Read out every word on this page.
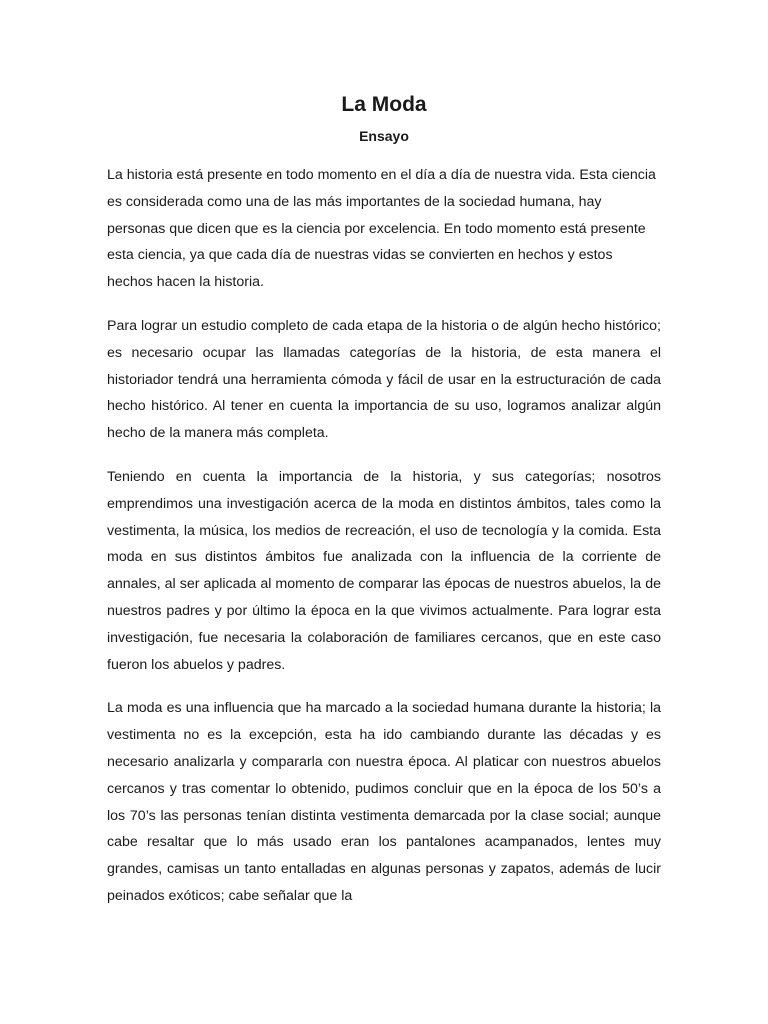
La Moda
Ensayo

La historia está presente en todo momento en el día a día de nuestra vida. Esta ciencia es considerada como una de las más importantes de la sociedad humana, hay personas que dicen que es la ciencia por excelencia. En todo momento está presente esta ciencia, ya que cada día de nuestras vidas se convierten en hechos y estos hechos hacen la historia.

Para lograr un estudio completo de cada etapa de la historia o de algún hecho histórico; es necesario ocupar las llamadas categorías de la historia, de esta manera el historiador tendrá una herramienta cómoda y fácil de usar en la estructuración de cada hecho histórico. Al tener en cuenta la importancia de su uso, logramos analizar algún hecho de la manera más completa.

Teniendo en cuenta la importancia de la historia, y sus categorías; nosotros emprendimos una investigación acerca de la moda en distintos ámbitos, tales como la vestimenta, la música, los medios de recreación, el uso de tecnología y la comida. Esta moda en sus distintos ámbitos fue analizada con la influencia de la corriente de annales, al ser aplicada al momento de comparar las épocas de nuestros abuelos, la de nuestros padres y por último la época en la que vivimos actualmente. Para lograr esta investigación, fue necesaria la colaboración de familiares cercanos, que en este caso fueron los abuelos y padres.

La moda es una influencia que ha marcado a la sociedad humana durante la historia; la vestimenta no es la excepción, esta ha ido cambiando durante las décadas y es necesario analizarla y compararla con nuestra época. Al platicar con nuestros abuelos cercanos y tras comentar lo obtenido, pudimos concluir que en la época de los 50’s a los 70’s las personas tenían distinta vestimenta demarcada por la clase social; aunque cabe resaltar que lo más usado eran los pantalones acampanados, lentes muy grandes, camisas un tanto entalladas en algunas personas y zapatos, además de lucir peinados exóticos; cabe señalar que la
